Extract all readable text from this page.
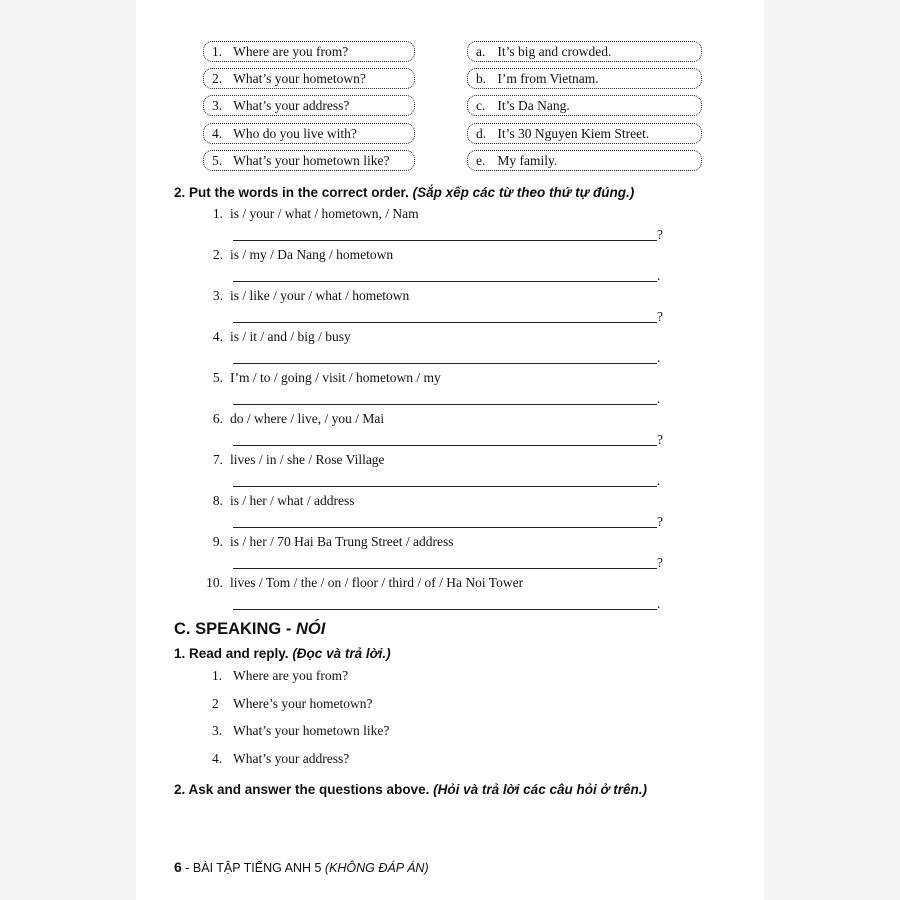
1. Where are you from?
2. What’s your hometown?
3. What’s your address?
4. Who do you live with?
5. What’s your hometown like?
a. It’s big and crowded.
b. I’m from Vietnam.
c. It’s Da Nang.
d. It’s 30 Nguyen Kiem Street.
e. My family.
2. Put the words in the correct order. (Sắp xếp các từ theo thứ tự đúng.)
1. is / your / what / hometown, / Nam
?
2. is / my / Da Nang / hometown
.
3. is / like / your / what / hometown
?
4. is / it / and / big / busy
.
5. I’m / to / going / visit / hometown / my
.
6. do / where / live, / you / Mai
?
7. lives / in / she / Rose Village
.
8. is / her / what / address
?
9. is / her / 70 Hai Ba Trung Street / address
?
10. lives / Tom / the / on / floor / third / of / Ha Noi Tower
.
C. SPEAKING - NÓI
1. Read and reply. (Đọc và trả lời.)
1. Where are you from?
2 Where’s your hometown?
3. What’s your hometown like?
4. What’s your address?
2. Ask and answer the questions above. (Hỏi và trả lời các câu hỏi ở trên.)
6 - BÀI TẬP TIẾNG ANH 5 (KHÔNG ĐÁP ÁN)
